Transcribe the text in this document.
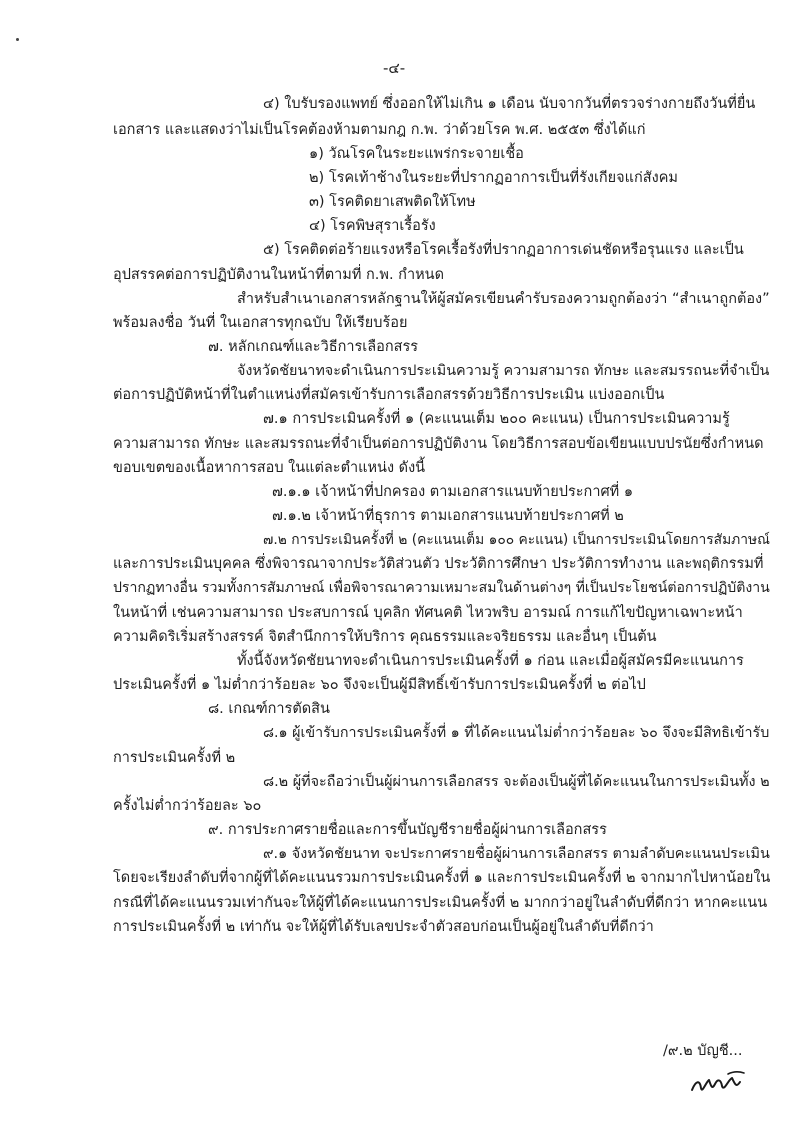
-๔-
๔) ใบรับรองแพทย์ ซึ่งออกให้ไม่เกิน ๑ เดือน นับจากวันที่ตรวจร่างกายถึงวันที่ยื่น
เอกสาร และแสดงว่าไม่เป็นโรคต้องห้ามตามกฎ ก.พ. ว่าด้วยโรค พ.ศ. ๒๕๕๓ ซึ่งได้แก่
๑) วัณโรคในระยะแพร่กระจายเชื้อ
๒) โรคเท้าช้างในระยะที่ปรากฏอาการเป็นที่รังเกียจแก่สังคม
๓) โรคติดยาเสพติดให้โทษ
๔) โรคพิษสุราเรื้อรัง
๕) โรคติดต่อร้ายแรงหรือโรคเรื้อรังที่ปรากฏอาการเด่นชัดหรือรุนแรง และเป็น
อุปสรรคต่อการปฏิบัติงานในหน้าที่ตามที่ ก.พ. กำหนด
สำหรับสำเนาเอกสารหลักฐานให้ผู้สมัครเขียนคำรับรองความถูกต้องว่า “สำเนาถูกต้อง”
พร้อมลงชื่อ วันที่ ในเอกสารทุกฉบับ ให้เรียบร้อย
๗. หลักเกณฑ์และวิธีการเลือกสรร
จังหวัดชัยนาทจะดำเนินการประเมินความรู้ ความสามารถ ทักษะ และสมรรถนะที่จำเป็น
ต่อการปฏิบัติหน้าที่ในตำแหน่งที่สมัครเข้ารับการเลือกสรรด้วยวิธีการประเมิน แบ่งออกเป็น
๗.๑ การประเมินครั้งที่ ๑ (คะแนนเต็ม ๒๐๐ คะแนน) เป็นการประเมินความรู้
ความสามารถ ทักษะ และสมรรถนะที่จำเป็นต่อการปฏิบัติงาน โดยวิธีการสอบข้อเขียนแบบปรนัยซึ่งกำหนด
ขอบเขตของเนื้อหาการสอบ ในแต่ละตำแหน่ง ดังนี้
๗.๑.๑ เจ้าหน้าที่ปกครอง ตามเอกสารแนบท้ายประกาศที่ ๑
๗.๑.๒ เจ้าหน้าที่ธุรการ ตามเอกสารแนบท้ายประกาศที่ ๒
๗.๒ การประเมินครั้งที่ ๒ (คะแนนเต็ม ๑๐๐ คะแนน) เป็นการประเมินโดยการสัมภาษณ์
และการประเมินบุคคล ซึ่งพิจารณาจากประวัติส่วนตัว ประวัติการศึกษา ประวัติการทำงาน และพฤติกรรมที่
ปรากฏทางอื่น รวมทั้งการสัมภาษณ์ เพื่อพิจารณาความเหมาะสมในด้านต่างๆ ที่เป็นประโยชน์ต่อการปฏิบัติงาน
ในหน้าที่ เช่นความสามารถ ประสบการณ์ บุคลิก ทัศนคติ ไหวพริบ อารมณ์ การแก้ไขปัญหาเฉพาะหน้า
ความคิดริเริ่มสร้างสรรค์ จิตสำนึกการให้บริการ คุณธรรมและจริยธรรม และอื่นๆ เป็นต้น
ทั้งนี้จังหวัดชัยนาทจะดำเนินการประเมินครั้งที่ ๑ ก่อน และเมื่อผู้สมัครมีคะแนนการ
ประเมินครั้งที่ ๑ ไม่ต่ำกว่าร้อยละ ๖๐ จึงจะเป็นผู้มีสิทธิ์เข้ารับการประเมินครั้งที่ ๒ ต่อไป
๘. เกณฑ์การตัดสิน
๘.๑ ผู้เข้ารับการประเมินครั้งที่ ๑ ที่ได้คะแนนไม่ต่ำกว่าร้อยละ ๖๐ จึงจะมีสิทธิเข้ารับ
การประเมินครั้งที่ ๒
๘.๒ ผู้ที่จะถือว่าเป็นผู้ผ่านการเลือกสรร จะต้องเป็นผู้ที่ได้คะแนนในการประเมินทั้ง ๒
ครั้งไม่ต่ำกว่าร้อยละ ๖๐
๙. การประกาศรายชื่อและการขึ้นบัญชีรายชื่อผู้ผ่านการเลือกสรร
๙.๑ จังหวัดชัยนาท จะประกาศรายชื่อผู้ผ่านการเลือกสรร ตามลำดับคะแนนประเมิน
โดยจะเรียงลำดับที่จากผู้ที่ได้คะแนนรวมการประเมินครั้งที่ ๑ และการประเมินครั้งที่ ๒ จากมากไปหาน้อยใน
กรณีที่ได้คะแนนรวมเท่ากันจะให้ผู้ที่ได้คะแนนการประเมินครั้งที่ ๒ มากกว่าอยู่ในลำดับที่ดีกว่า หากคะแนน
การประเมินครั้งที่ ๒ เท่ากัน จะให้ผู้ที่ได้รับเลขประจำตัวสอบก่อนเป็นผู้อยู่ในลำดับที่ดีกว่า
/๙.๒ บัญชี...
